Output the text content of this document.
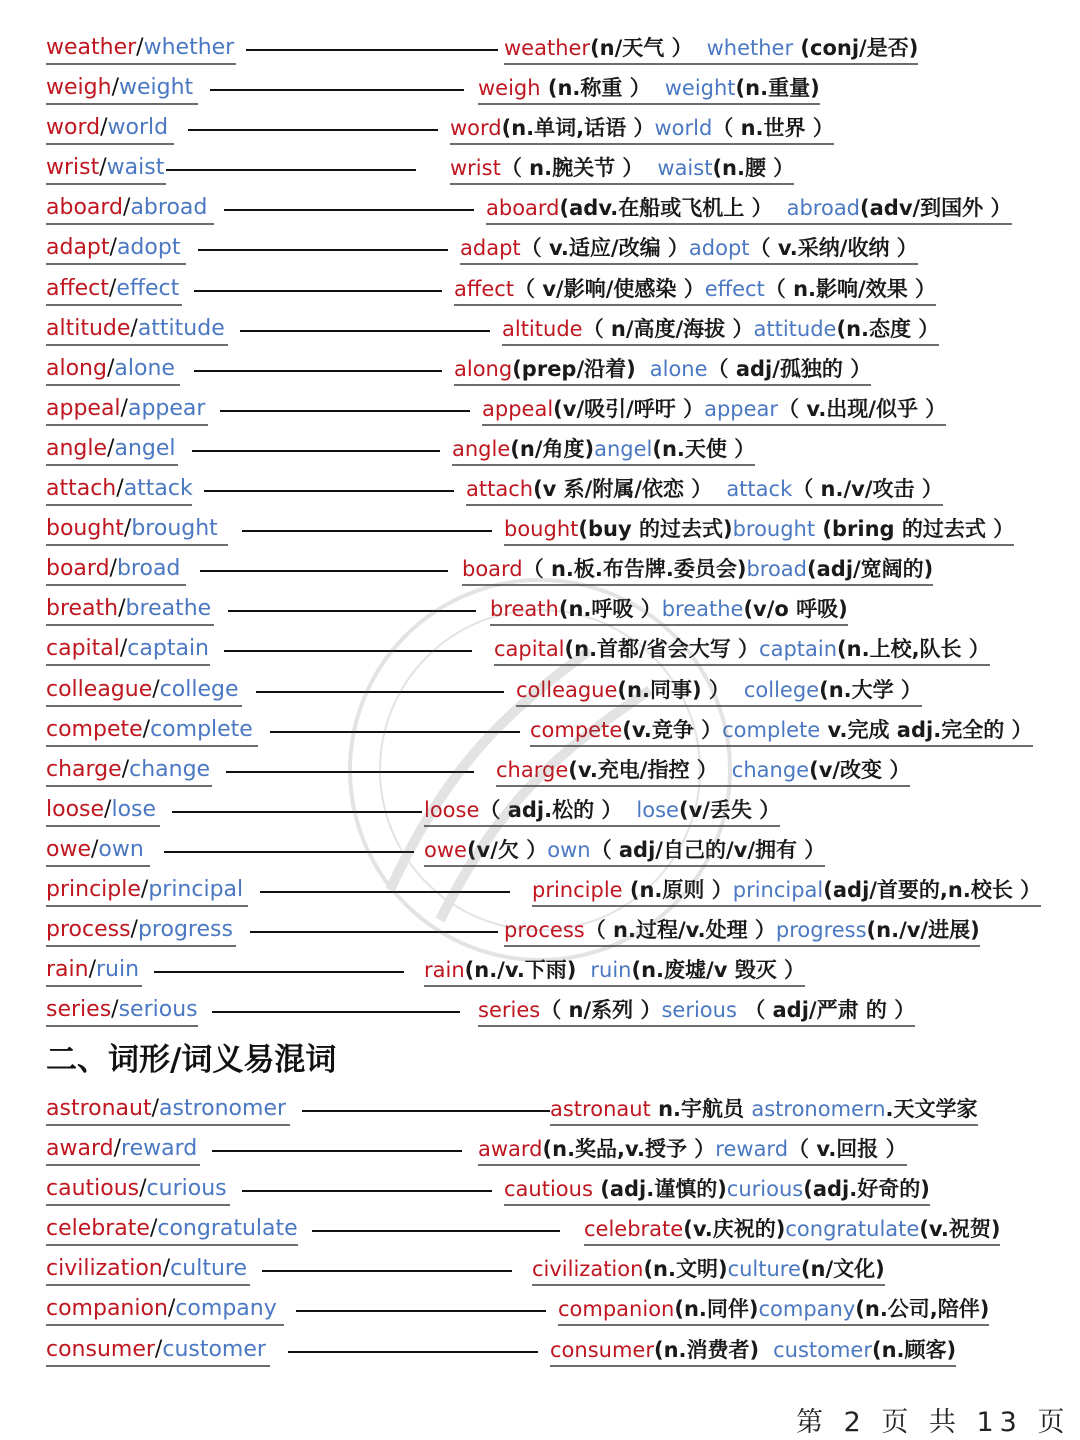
weather/whether	weather(n/天气 ） whether (conj/是否)
weigh/weight	weigh (n.称重 ） weight(n.重量)
word/world	word(n.单词,话语 ）world（ n.世界 ）
wrist/waist	wrist（ n.腕关节 ） waist(n.腰 ）
aboard/abroad	aboard(adv.在船或飞机上 ） abroad(adv/到国外 ）
adapt/adopt	adapt（ v.适应/改编 ）adopt（ v.采纳/收纳 ）
affect/effect	affect（ v/影响/使感染 ）effect（ n.影响/效果 ）
altitude/attitude	altitude（ n/高度/海拔 ）attitude(n.态度 ）
along/alone	along(prep/沿着) alone（ adj/孤独的 ）
appeal/appear	appeal(v/吸引/呼吁 ）appear（ v.出现/似乎 ）
angle/angel	angle(n/角度)angel(n.天使 ）
attach/attack	attach(v 系/附属/依恋 ） attack（ n./v/攻击 ）
bought/brought	bought(buy 的过去式)brought (bring 的过去式 ）
board/broad	board（ n.板.布告牌.委员会)broad(adj/宽阔的)
breath/breathe	breath(n.呼吸 ）breathe(v/o 呼吸)
capital/captain	capital(n.首都/省会大写 ）captain(n.上校,队长 ）
colleague/college	colleague(n.同事) ） college(n.大学 ）
compete/complete	compete(v.竞争 ）complete v.完成 adj.完全的 ）
charge/change	charge(v.充电/指控 ） change(v/改变 ）
loose/lose	loose（ adj.松的 ） lose(v/丢失 ）
owe/own	owe(v/欠 ）own（ adj/自己的/v/拥有 ）
principle/principal	principle (n.原则 ）principal(adj/首要的,n.校长 ）
process/progress	process（ n.过程/v.处理 ）progress(n./v/进展)
rain/ruin	rain(n./v.下雨) ruin(n.废墟/v 毁灭 ）
series/serious	series（ n/系列 ）serious （ adj/严肃 的 ）
二、词形/词义易混词
astronaut/astronomer	astronaut n.宇航员 astronomern.天文学家
award/reward	award(n.奖品,v.授予 ）reward（ v.回报 ）
cautious/curious	cautious (adj.谨慎的)curious(adj.好奇的)
celebrate/congratulate	celebrate(v.庆祝的)congratulate(v.祝贺)
civilization/culture	civilization(n.文明)culture(n/文化)
companion/company	companion(n.同伴)company(n.公司,陪伴)
consumer/customer	consumer(n.消费者) customer(n.顾客)
第 2 页 共 13 页
